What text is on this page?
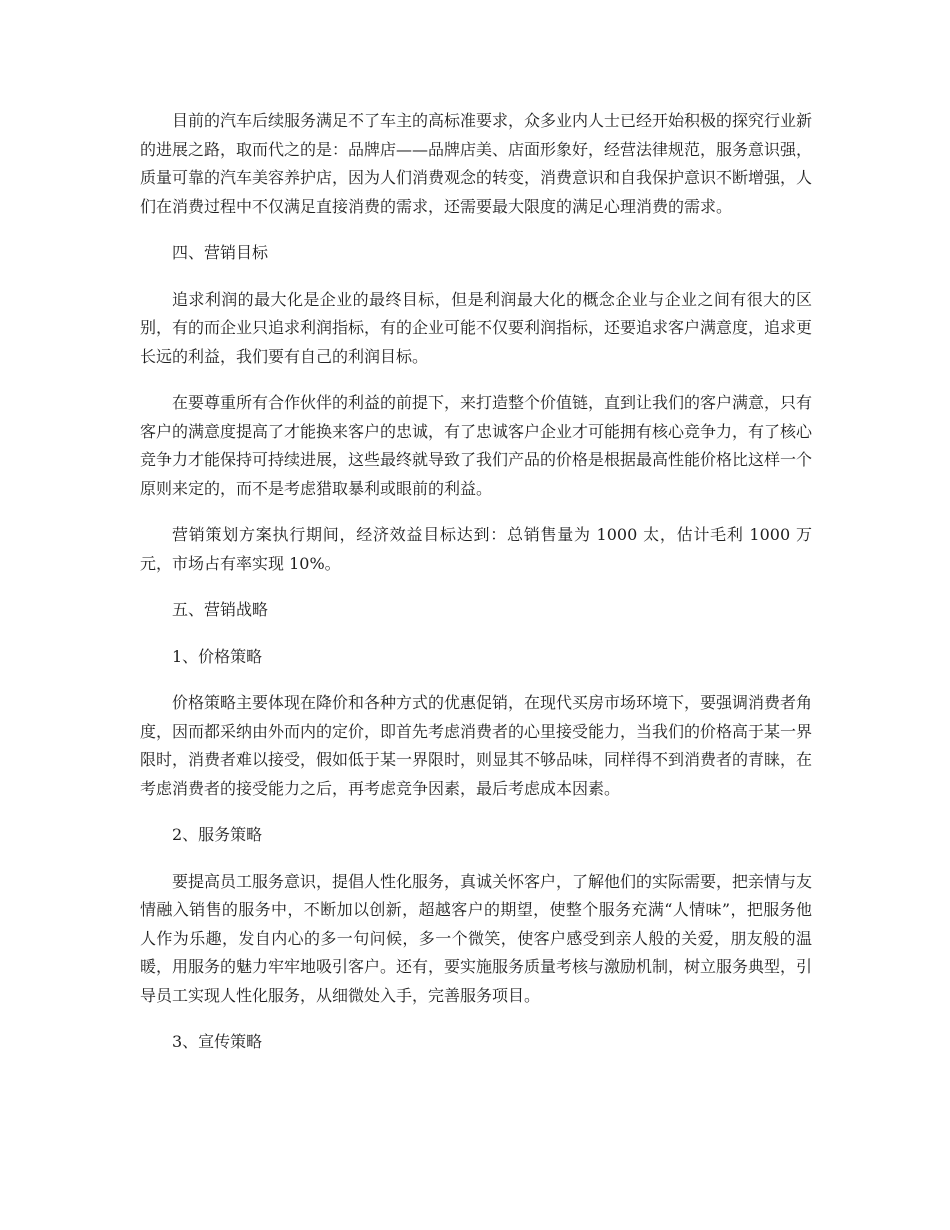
目前的汽车后续服务满足不了车主的高标准要求，众多业内人士已经开始积极的探究行业新的进展之路，取而代之的是：品牌店——品牌店美、店面形象好，经营法律规范，服务意识强，质量可靠的汽车美容养护店，因为人们消费观念的转变，消费意识和自我保护意识不断增强，人们在消费过程中不仅满足直接消费的需求，还需要最大限度的满足心理消费的需求。

四、营销目标

追求利润的最大化是企业的最终目标，但是利润最大化的概念企业与企业之间有很大的区别，有的而企业只追求利润指标，有的企业可能不仅要利润指标，还要追求客户满意度，追求更长远的利益，我们要有自己的利润目标。

在要尊重所有合作伙伴的利益的前提下，来打造整个价值链，直到让我们的客户满意，只有客户的满意度提高了才能换来客户的忠诚，有了忠诚客户企业才可能拥有核心竞争力，有了核心竞争力才能保持可持续进展，这些最终就导致了我们产品的价格是根据最高性能价格比这样一个原则来定的，而不是考虑猎取暴利或眼前的利益。

营销策划方案执行期间，经济效益目标达到：总销售量为 1000 太，估计毛利 1000 万元，市场占有率实现 10%。

五、营销战略

1、价格策略

价格策略主要体现在降价和各种方式的优惠促销，在现代买房市场环境下，要强调消费者角度，因而都采纳由外而内的定价，即首先考虑消费者的心里接受能力，当我们的价格高于某一界限时，消费者难以接受，假如低于某一界限时，则显其不够品味，同样得不到消费者的青睐，在考虑消费者的接受能力之后，再考虑竞争因素，最后考虑成本因素。

2、服务策略

要提高员工服务意识，提倡人性化服务，真诚关怀客户，了解他们的实际需要，把亲情与友情融入销售的服务中，不断加以创新，超越客户的期望，使整个服务充满“人情味”，把服务他人作为乐趣，发自内心的多一句问候，多一个微笑，使客户感受到亲人般的关爱，朋友般的温暖，用服务的魅力牢牢地吸引客户。还有，要实施服务质量考核与激励机制，树立服务典型，引导员工实现人性化服务，从细微处入手，完善服务项目。

3、宣传策略
